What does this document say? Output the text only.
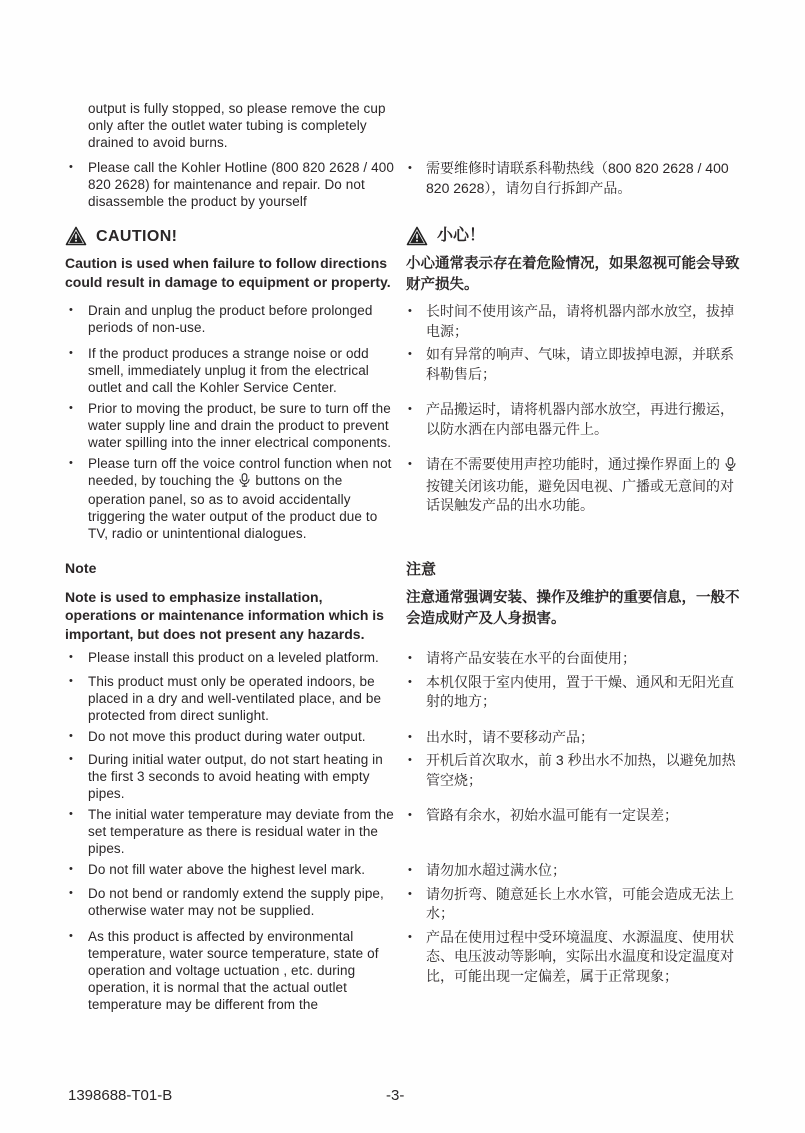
output is fully stopped, so please remove the cup only after the outlet water tubing is completely drained to avoid burns.
•	Please call the Kohler Hotline (800 820 2628 / 400 820 2628) for maintenance and repair. Do not disassemble the product by yourself
•	需要维修时请联系科勒热线（800 820 2628 / 400 820 2628），请勿自行拆卸产品。
CAUTION!	小心！
Caution is used when failure to follow directions could result in damage to equipment or property.
小心通常表示存在着危险情况，如果忽视可能会导致财产损失。
•	Drain and unplug the product before prolonged periods of non-use.
•	长时间不使用该产品，请将机器内部水放空，拔掉电源；
•	If the product produces a strange noise or odd smell, immediately unplug it from the electrical outlet and call the Kohler Service Center.
•	如有异常的响声、气味，请立即拔掉电源，并联系科勒售后；
•	Prior to moving the product, be sure to turn off the water supply line and drain the product to prevent water spilling into the inner electrical components.
•	产品搬运时，请将机器内部水放空，再进行搬运，以防水洒在内部电器元件上。
•	Please turn off the voice control function when not needed, by touching the buttons on the operation panel, so as to avoid accidentally triggering the water output of the product due to TV, radio or unintentional dialogues.
•	请在不需要使用声控功能时，通过操作界面上的按键关闭该功能，避免因电视、广播或无意间的对话误触发产品的出水功能。
Note	注意
Note is used to emphasize installation, operations or maintenance information which is important, but does not present any hazards.
注意通常强调安装、操作及维护的重要信息，一般不会造成财产及人身损害。
•	Please install this product on a leveled platform.	•	请将产品安装在水平的台面使用；
•	This product must only be operated indoors, be placed in a dry and well-ventilated place, and be protected from direct sunlight.
•	本机仅限于室内使用，置于干燥、通风和无阳光直射的地方；
•	Do not move this product during water output.	•	出水时，请不要移动产品；
•	During initial water output, do not start heating in the first 3 seconds to avoid heating with empty pipes.
•	开机后首次取水，前 3 秒出水不加热，以避免加热管空烧；
•	The initial water temperature may deviate from the set temperature as there is residual water in the pipes.
•	管路有余水，初始水温可能有一定误差；
•	Do not fill water above the highest level mark.	•	请勿加水超过满水位；
•	Do not bend or randomly extend the supply pipe, otherwise water may not be supplied.
•	请勿折弯、随意延长上水水管，可能会造成无法上水；
•	As this product is affected by environmental temperature, water source temperature, state of operation and voltage uctuation , etc. during operation, it is normal that the actual outlet temperature may be different from the
•	产品在使用过程中受环境温度、水源温度、使用状态、电压波动等影响，实际出水温度和设定温度对比，可能出现一定偏差，属于正常现象；
1398688-T01-B	-3-
